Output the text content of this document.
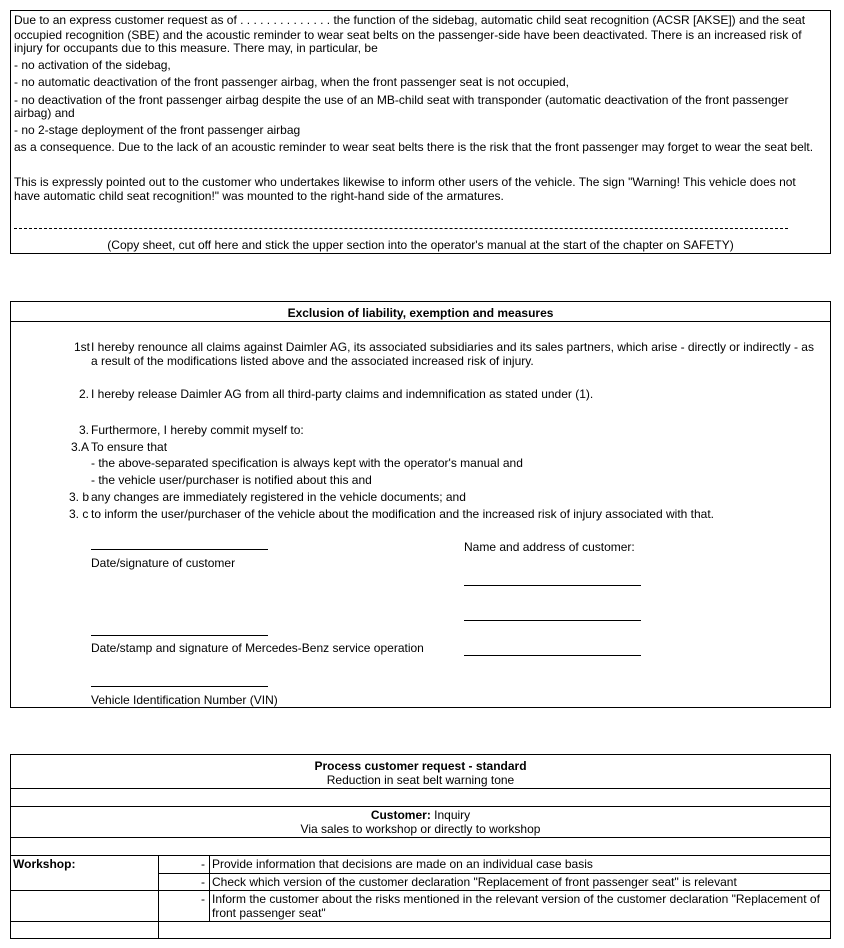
Due to an express customer request as of . . . . . . . . . . . . . . the function of the sidebag, automatic child seat recognition (ACSR [AKSE]) and the seat
occupied recognition (SBE) and the acoustic reminder to wear seat belts on the passenger-side have been deactivated. There is an increased risk of
injury for occupants due to this measure. There may, in particular, be
- no activation of the sidebag,
- no automatic deactivation of the front passenger airbag, when the front passenger seat is not occupied,
- no deactivation of the front passenger airbag despite the use of an MB-child seat with transponder (automatic deactivation of the front passenger
airbag) and
- no 2-stage deployment of the front passenger airbag
as a consequence. Due to the lack of an acoustic reminder to wear seat belts there is the risk that the front passenger may forget to wear the seat belt.
This is expressly pointed out to the customer who undertakes likewise to inform other users of the vehicle. The sign "Warning! This vehicle does not
have automatic child seat recognition!" was mounted to the right-hand side of the armatures.
(Copy sheet, cut off here and stick the upper section into the operator's manual at the start of the chapter on SAFETY)
Exclusion of liability, exemption and measures
1st I hereby renounce all claims against Daimler AG, its associated subsidiaries and its sales partners, which arise - directly or indirectly - as
a result of the modifications listed above and the associated increased risk of injury.
2. I hereby release Daimler AG from all third-party claims and indemnification as stated under (1).
3. Furthermore, I hereby commit myself to:
3.A To ensure that
- the above-separated specification is always kept with the operator's manual and
- the vehicle user/purchaser is notified about this and
3. b any changes are immediately registered in the vehicle documents; and
3. c to inform the user/purchaser of the vehicle about the modification and the increased risk of injury associated with that.
Date/signature of customer
Name and address of customer:
Date/stamp and signature of Mercedes-Benz service operation
Vehicle Identification Number (VIN)
Process customer request - standard
Reduction in seat belt warning tone
Customer: Inquiry
Via sales to workshop or directly to workshop
Workshop:	- Provide information that decisions are made on an individual case basis
- Check which version of the customer declaration "Replacement of front passenger seat" is relevant
- Inform the customer about the risks mentioned in the relevant version of the customer declaration "Replacement of front passenger seat"
